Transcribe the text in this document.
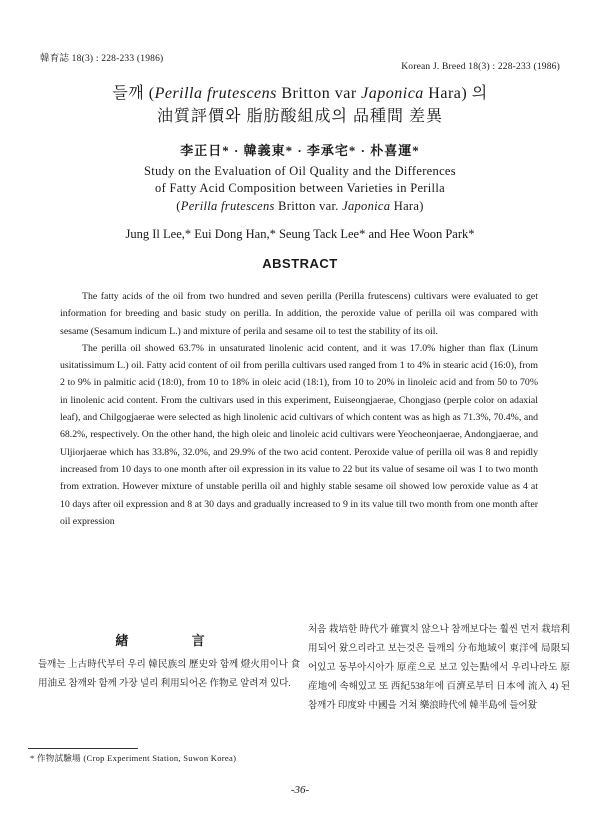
韓育誌 18(3) : 228-233 (1986)
Korean J. Breed 18(3) : 228-233 (1986)
들깨 (Perilla frutescens Britton var Japonica Hara) 의
油質評價와 脂肪酸組成의 品種間 差異
李正日* · 韓義東* · 李承宅* · 朴喜運*
Study on the Evaluation of Oil Quality and the Differences
of Fatty Acid Composition between Varieties in Perilla
(Perilla frutescens Britton var. Japonica Hara)
Jung Il Lee,* Eui Dong Han,* Seung Tack Lee* and Hee Woon Park*
ABSTRACT

The fatty acids of the oil from two hundred and seven perilla (Perilla frutescens) cultivars were evaluated to get information for breeding and basic study on perilla. In addition, the peroxide value of perilla oil was compared with sesame (Sesamum indicum L.) and mixture of perila and sesame oil to test the stability of its oil.

The perilla oil showed 63.7% in unsaturated linolenic acid content, and it was 17.0% higher than flax (Linum usitatissimum L.) oil. Fatty acid content of oil from perilla cultivars used ranged from 1 to 4% in stearic acid (16:0), from 2 to 9% in palmitic acid (18:0), from 10 to 18% in oleic acid (18:1), from 10 to 20% in linoleic acid and from 50 to 70% in linolenic acid content. From the cultivars used in this experiment, Euiseongjaerae, Chongjaso (perple color on adaxial leaf), and Chilgogjaerae were selected as high linolenic acid cultivars of which content was as high as 71.3%, 70.4%, and 68.2%, respectively. On the other hand, the high oleic and linoleic acid cultivars were Yeocheonjaerae, Andongjaerae, and Uljiorjaerae which has 33.8%, 32.0%, and 29.9% of the two acid content. Peroxide value of perilla oil was 8 and repidly increased from 10 days to one month after oil expression in its value to 22 but its value of sesame oil was 1 to two month from extration. However mixture of unstable perilla oil and highly stable sesame oil showed low peroxide value as 4 at 10 days after oil expression and 8 at 30 days and gradually increased to 9 in its value till two month from one month after oil expression

緖 言
들깨는 上古時代부터 우리 韓民族의 歷史와 함께 燈火用이나 食用油로 참깨와 함께 가장 널리 利用되어온 作物로 알려져 있다.
처음 栽培한 時代가 確實치 않으나 참깨보다는 훨씬 먼저 栽培利用되어 왔으리라고 보는것은 들깨의 分布地域이 東洋에 局限되어있고 동부아시아가 原産으로 보고 있는點에서 우리나라도 原産地에 속해있고 또 西紀538年에 百濟로부터 日本에 流入 4) 된 참깨가 印度와 中國을 거쳐 樂浪時代에 韓半島에 들어왔
* 作物試驗場 (Crop Experiment Station, Suwon Korea)
-36-
